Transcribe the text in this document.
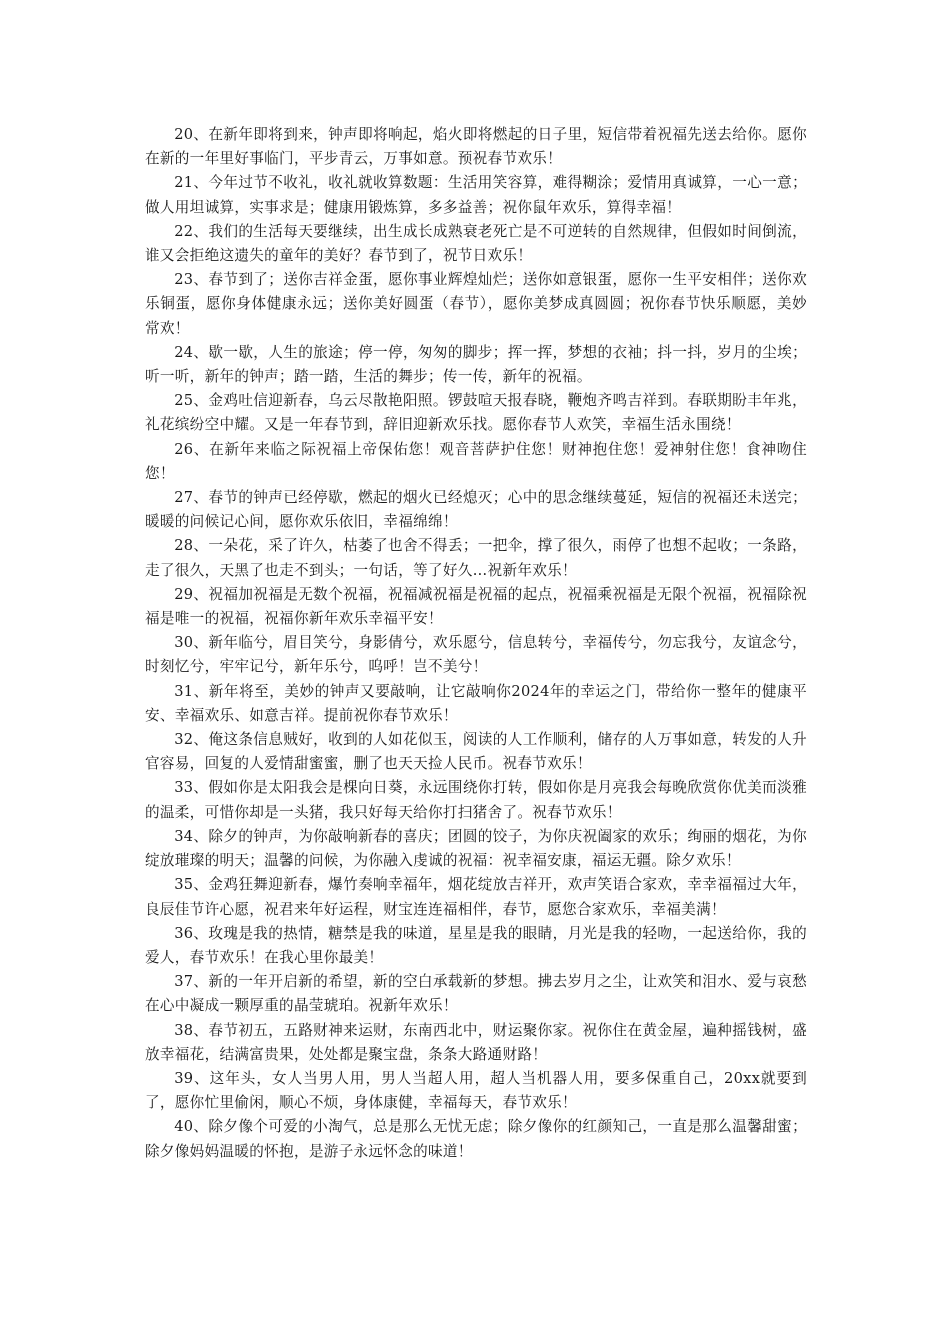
20、在新年即将到来，钟声即将响起，焰火即将燃起的日子里，短信带着祝福先送去给你。愿你在新的一年里好事临门，平步青云，万事如意。预祝春节欢乐！

21、今年过节不收礼，收礼就收算数题：生活用笑容算，难得糊涂；爱情用真诚算，一心一意；做人用坦诚算，实事求是；健康用锻炼算，多多益善；祝你鼠年欢乐，算得幸福！

22、我们的生活每天要继续，出生成长成熟衰老死亡是不可逆转的自然规律，但假如时间倒流，谁又会拒绝这遗失的童年的美好？春节到了，祝节日欢乐！

23、春节到了；送你吉祥金蛋，愿你事业辉煌灿烂；送你如意银蛋，愿你一生平安相伴；送你欢乐铜蛋，愿你身体健康永远；送你美好圆蛋（春节），愿你美梦成真圆圆；祝你春节快乐顺愿，美妙常欢！

24、歇一歇，人生的旅途；停一停，匆匆的脚步；挥一挥，梦想的衣袖；抖一抖，岁月的尘埃；听一听，新年的钟声；踏一踏，生活的舞步；传一传，新年的祝福。

25、金鸡吐信迎新春，乌云尽散艳阳照。锣鼓喧天报春晓，鞭炮齐鸣吉祥到。春联期盼丰年兆，礼花缤纷空中耀。又是一年春节到，辞旧迎新欢乐找。愿你春节人欢笑，幸福生活永围绕！

26、在新年来临之际祝福上帝保佑您！观音菩萨护住您！财神抱住您！爱神射住您！食神吻住您！

27、春节的钟声已经停歇，燃起的烟火已经熄灭；心中的思念继续蔓延，短信的祝福还未送完；暖暖的问候记心间，愿你欢乐依旧，幸福绵绵！

28、一朵花，采了许久，枯萎了也舍不得丢；一把伞，撑了很久，雨停了也想不起收；一条路，走了很久，天黑了也走不到头；一句话，等了好久…祝新年欢乐！

29、祝福加祝福是无数个祝福，祝福减祝福是祝福的起点，祝福乘祝福是无限个祝福，祝福除祝福是唯一的祝福，祝福你新年欢乐幸福平安！

30、新年临兮，眉目笑兮，身影倩兮，欢乐愿兮，信息转兮，幸福传兮，勿忘我兮，友谊念兮，时刻忆兮，牢牢记兮，新年乐兮，呜呼！岂不美兮！

31、新年将至，美妙的钟声又要敲响，让它敲响你2024年的幸运之门，带给你一整年的健康平安、幸福欢乐、如意吉祥。提前祝你春节欢乐！

32、俺这条信息贼好，收到的人如花似玉，阅读的人工作顺利，储存的人万事如意，转发的人升官容易，回复的人爱情甜蜜蜜，删了也天天捡人民币。祝春节欢乐！

33、假如你是太阳我会是棵向日葵，永远围绕你打转，假如你是月亮我会每晚欣赏你优美而淡雅的温柔，可惜你却是一头猪，我只好每天给你打扫猪舍了。祝春节欢乐！

34、除夕的钟声，为你敲响新春的喜庆；团圆的饺子，为你庆祝阖家的欢乐；绚丽的烟花，为你绽放璀璨的明天；温馨的问候，为你融入虔诚的祝福：祝幸福安康，福运无疆。除夕欢乐！

35、金鸡狂舞迎新春，爆竹奏响幸福年，烟花绽放吉祥开，欢声笑语合家欢，幸幸福福过大年，良辰佳节许心愿，祝君来年好运程，财宝连连福相伴，春节，愿您合家欢乐，幸福美满！

36、玫瑰是我的热情，糖禁是我的味道，星星是我的眼睛，月光是我的轻吻，一起送给你，我的爱人，春节欢乐！在我心里你最美！

37、新的一年开启新的希望，新的空白承载新的梦想。拂去岁月之尘，让欢笑和泪水、爱与哀愁在心中凝成一颗厚重的晶莹琥珀。祝新年欢乐！

38、春节初五，五路财神来运财，东南西北中，财运聚你家。祝你住在黄金屋，遍种摇钱树，盛放幸福花，结满富贵果，处处都是聚宝盘，条条大路通财路！

39、这年头，女人当男人用，男人当超人用，超人当机器人用，要多保重自己，20xx就要到了，愿你忙里偷闲，顺心不烦，身体康健，幸福每天，春节欢乐！

40、除夕像个可爱的小淘气，总是那么无忧无虑；除夕像你的红颜知己，一直是那么温馨甜蜜；除夕像妈妈温暖的怀抱，是游子永远怀念的味道！
